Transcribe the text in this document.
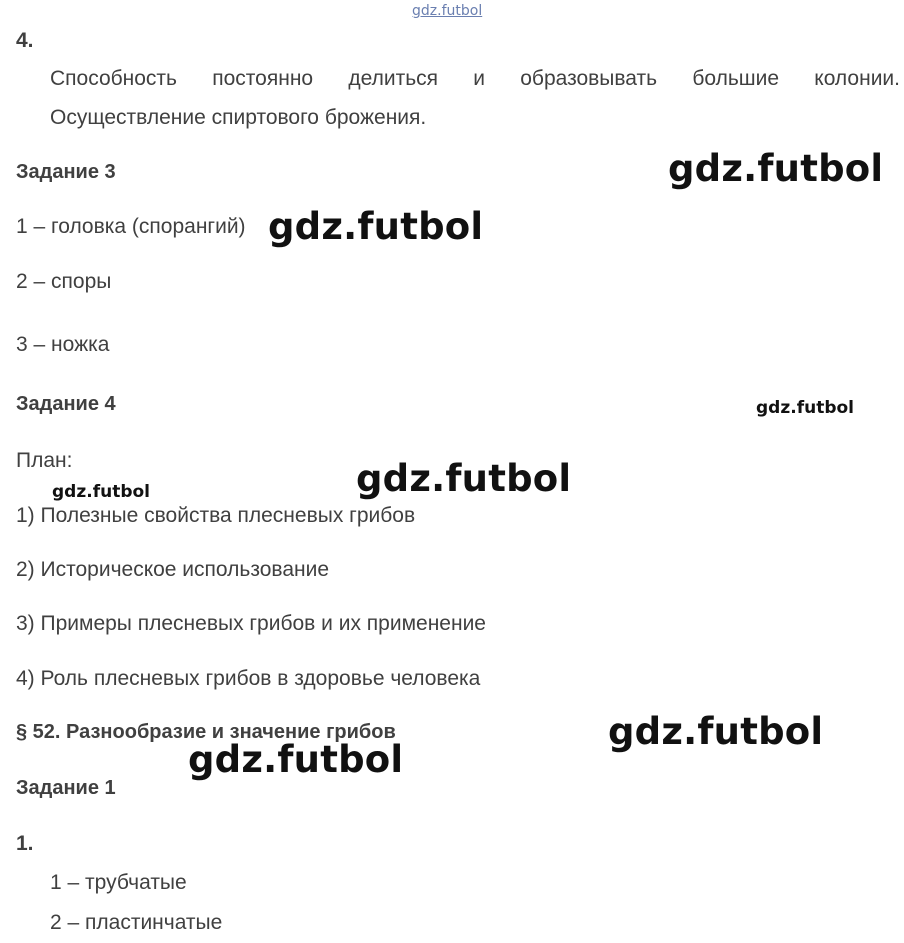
gdz.futbol
4.
Способность постоянно делиться и образовывать большие колонии.
Осуществление спиртового брожения.
Задание 3
1 – головка (спорангий)
2 – споры
3 – ножка
Задание 4
План:
1) Полезные свойства плесневых грибов
2) Историческое использование
3) Примеры плесневых грибов и их применение
4) Роль плесневых грибов в здоровье человека
§ 52. Разнообразие и значение грибов
Задание 1
1.
1 – трубчатые
2 – пластинчатые
gdz.futbol
gdz.futbol
gdz.futbol
gdz.futbol
gdz.futbol
gdz.futbol
gdz.futbol
